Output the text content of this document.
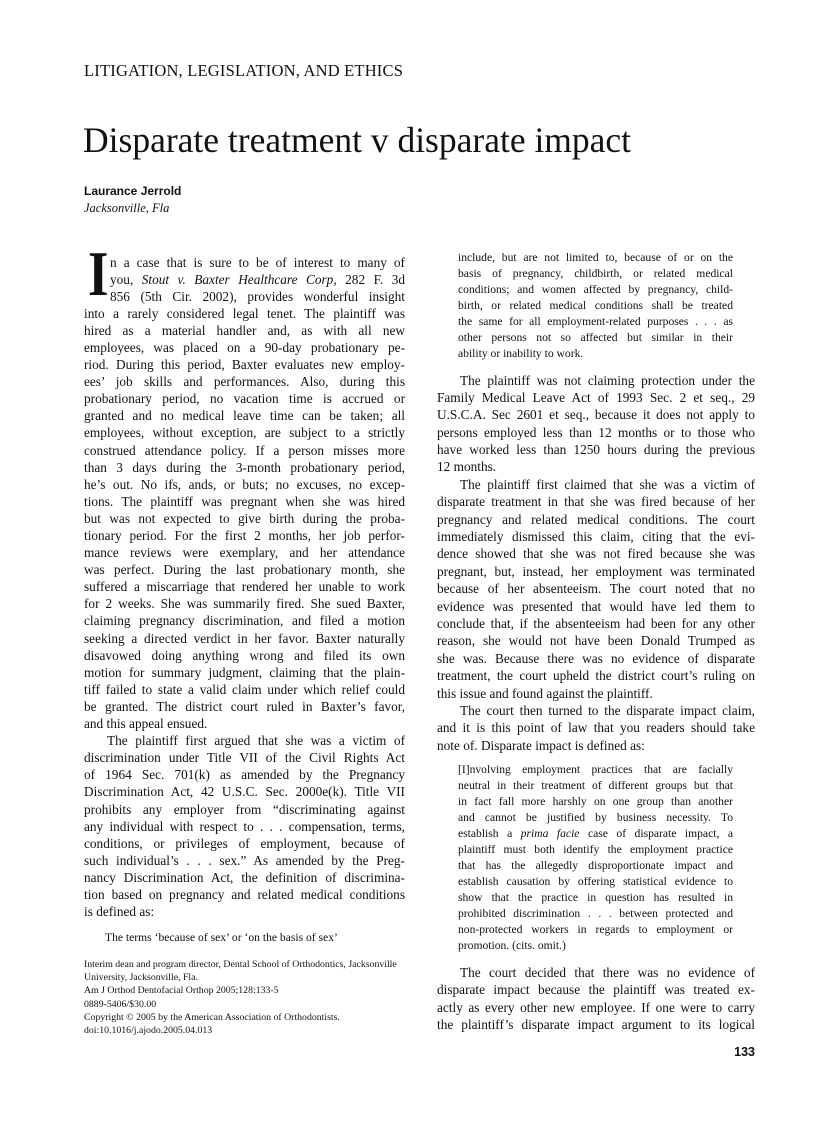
LITIGATION, LEGISLATION, AND ETHICS
Disparate treatment v disparate impact
Laurance Jerrold
Jacksonville, Fla
I n a case that is sure to be of interest to many of
you, Stout v. Baxter Healthcare Corp, 282 F. 3d
856 (5th Cir. 2002), provides wonderful insight
into a rarely considered legal tenet. The plaintiff was
hired as a material handler and, as with all new
employees, was placed on a 90-day probationary pe-
riod. During this period, Baxter evaluates new employ-
ees’ job skills and performances. Also, during this
probationary period, no vacation time is accrued or
granted and no medical leave time can be taken; all
employees, without exception, are subject to a strictly
construed attendance policy. If a person misses more
than 3 days during the 3-month probationary period,
he’s out. No ifs, ands, or buts; no excuses, no excep-
tions. The plaintiff was pregnant when she was hired
but was not expected to give birth during the proba-
tionary period. For the first 2 months, her job perfor-
mance reviews were exemplary, and her attendance
was perfect. During the last probationary month, she
suffered a miscarriage that rendered her unable to work
for 2 weeks. She was summarily fired. She sued Baxter,
claiming pregnancy discrimination, and filed a motion
seeking a directed verdict in her favor. Baxter naturally
disavowed doing anything wrong and filed its own
motion for summary judgment, claiming that the plain-
tiff failed to state a valid claim under which relief could
be granted. The district court ruled in Baxter’s favor,
and this appeal ensued.
The plaintiff first argued that she was a victim of
discrimination under Title VII of the Civil Rights Act
of 1964 Sec. 701(k) as amended by the Pregnancy
Discrimination Act, 42 U.S.C. Sec. 2000e(k). Title VII
prohibits any employer from “discriminating against
any individual with respect to . . . compensation, terms,
conditions, or privileges of employment, because of
such individual’s . . . sex.” As amended by the Preg-
nancy Discrimination Act, the definition of discrimina-
tion based on pregnancy and related medical conditions
is defined as:
The terms ‘because of sex’ or ‘on the basis of sex’
include, but are not limited to, because of or on the
basis of pregnancy, childbirth, or related medical
conditions; and women affected by pregnancy, child-
birth, or related medical conditions shall be treated
the same for all employment-related purposes . . . as
other persons not so affected but similar in their
ability or inability to work.
The plaintiff was not claiming protection under the
Family Medical Leave Act of 1993 Sec. 2 et seq., 29
U.S.C.A. Sec 2601 et seq., because it does not apply to
persons employed less than 12 months or to those who
have worked less than 1250 hours during the previous
12 months.
The plaintiff first claimed that she was a victim of
disparate treatment in that she was fired because of her
pregnancy and related medical conditions. The court
immediately dismissed this claim, citing that the evi-
dence showed that she was not fired because she was
pregnant, but, instead, her employment was terminated
because of her absenteeism. The court noted that no
evidence was presented that would have led them to
conclude that, if the absenteeism had been for any other
reason, she would not have been Donald Trumped as
she was. Because there was no evidence of disparate
treatment, the court upheld the district court’s ruling on
this issue and found against the plaintiff.
The court then turned to the disparate impact claim,
and it is this point of law that you readers should take
note of. Disparate impact is defined as:
[I]nvolving employment practices that are facially
neutral in their treatment of different groups but that
in fact fall more harshly on one group than another
and cannot be justified by business necessity. To
establish a prima facie case of disparate impact, a
plaintiff must both identify the employment practice
that has the allegedly disproportionate impact and
establish causation by offering statistical evidence to
show that the practice in question has resulted in
prohibited discrimination . . . between protected and
non-protected workers in regards to employment or
promotion. (cits. omit.)
The court decided that there was no evidence of
disparate impact because the plaintiff was treated ex-
actly as every other new employee. If one were to carry
the plaintiff’s disparate impact argument to its logical
Interim dean and program director, Dental School of Orthodontics, Jacksonville
University, Jacksonville, Fla.
Am J Orthod Dentofacial Orthop 2005;128:133-5
0889-5406/$30.00
Copyright © 2005 by the American Association of Orthodontists.
doi:10.1016/j.ajodo.2005.04.013
133
